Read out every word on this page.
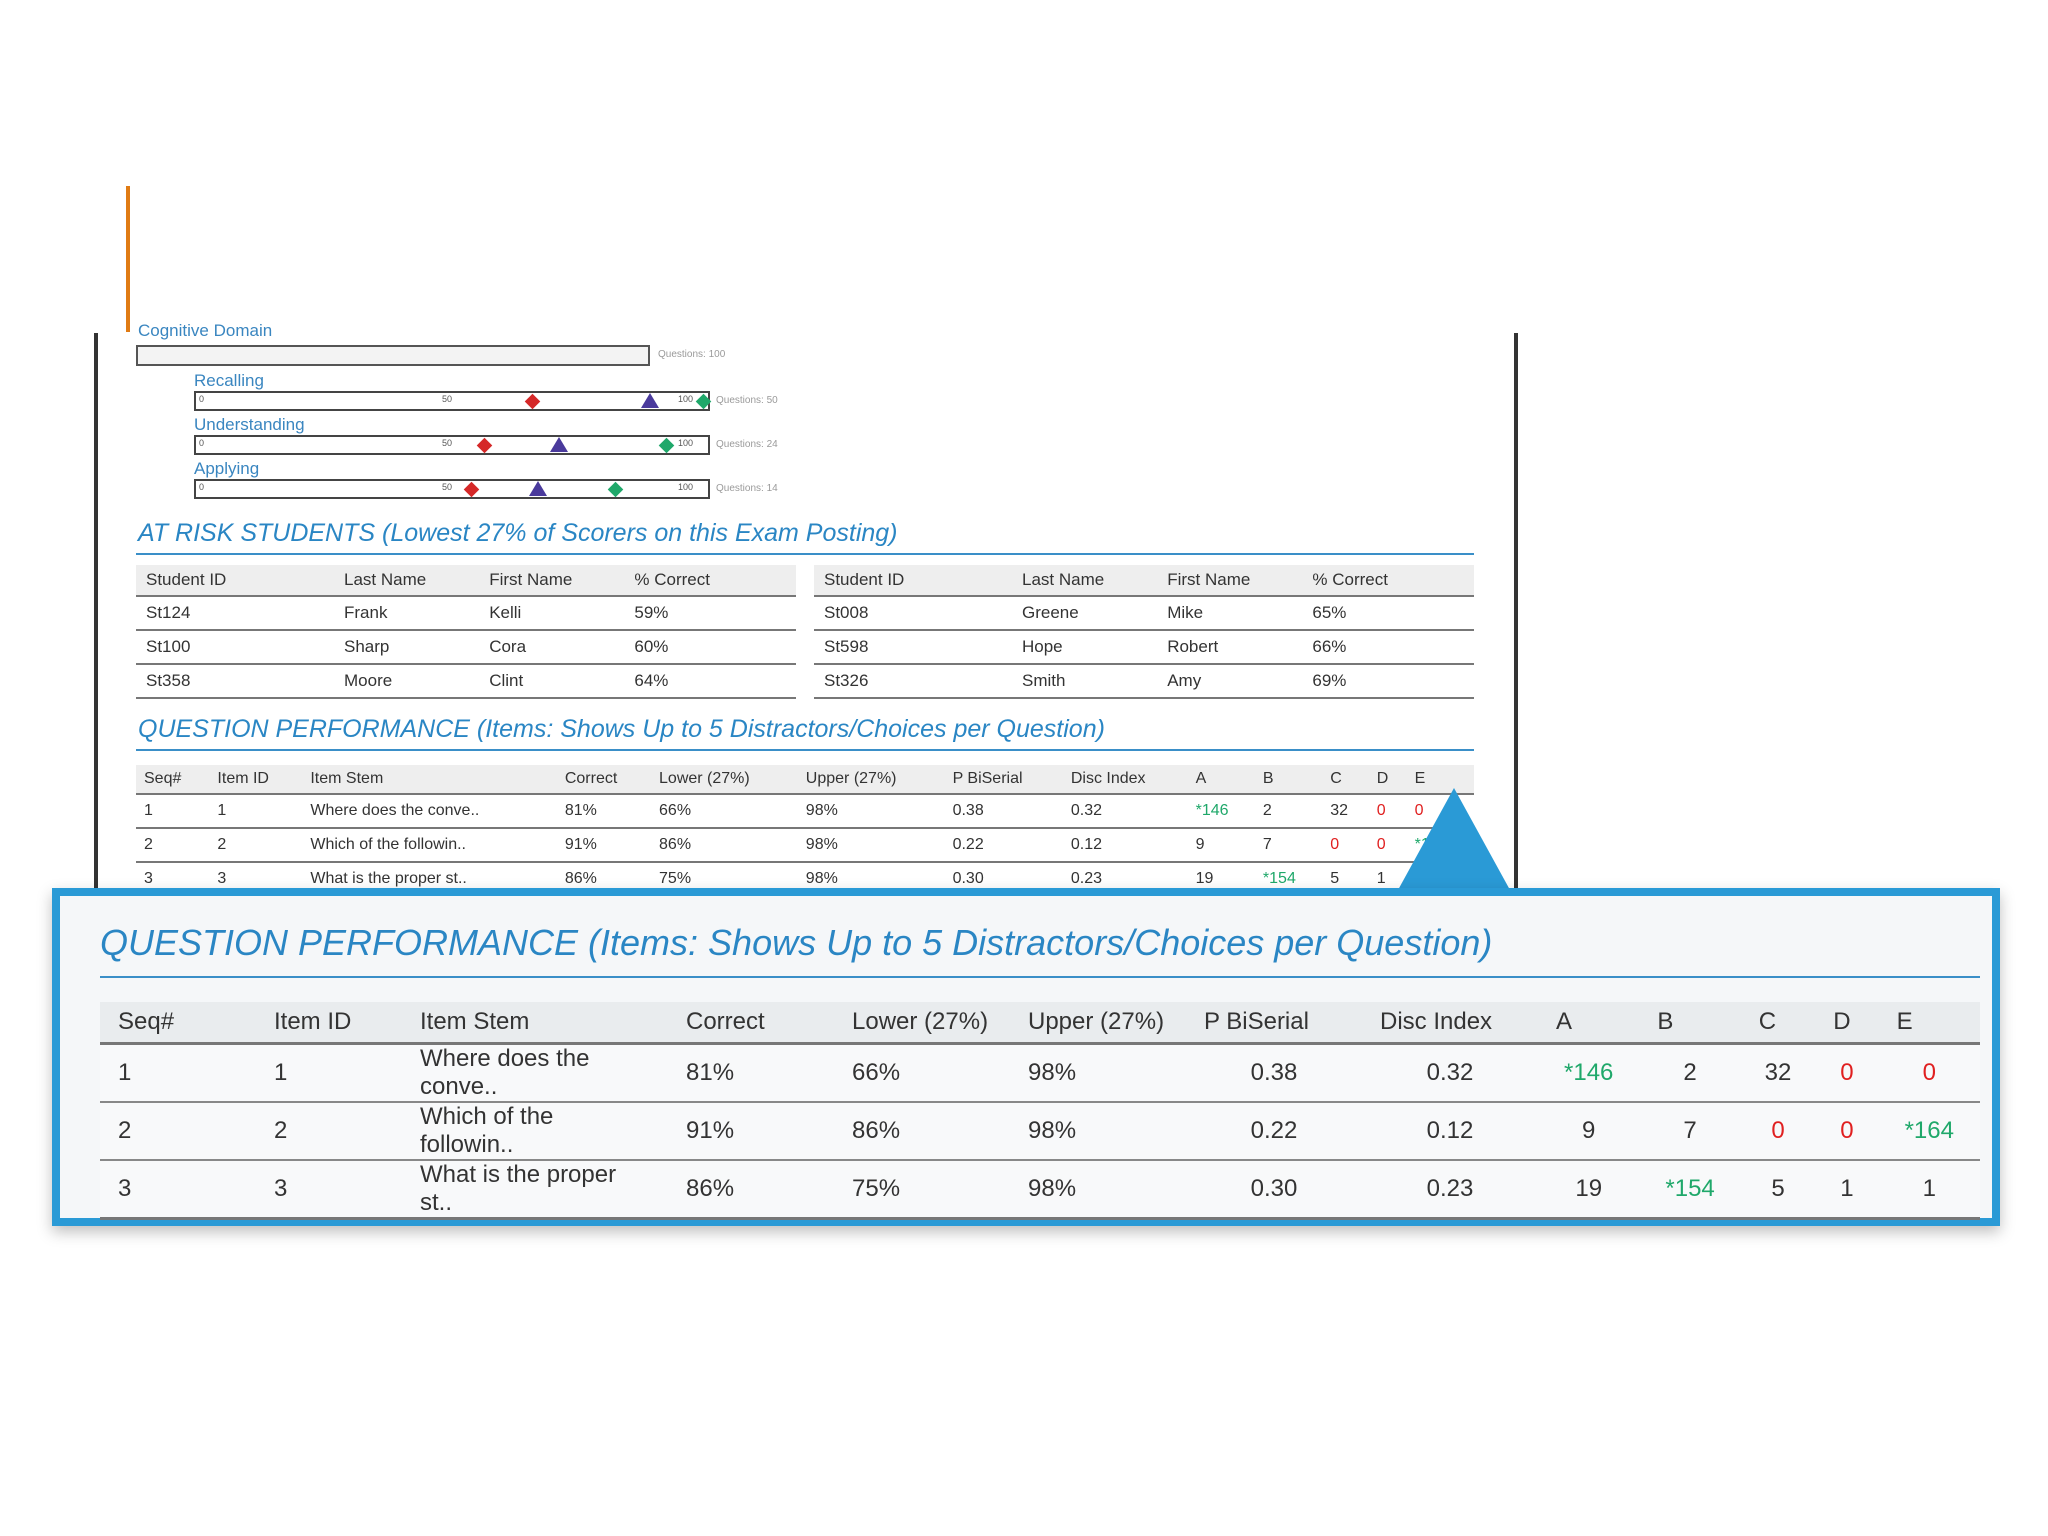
Cognitive Domain
Questions: 100
Recalling
0	50	100 Questions: 50
Understanding
0	50	100 Questions: 24
Applying
0	50	100 Questions: 14
AT RISK STUDENTS (Lowest 27% of Scorers on this Exam Posting)
Student ID	Last Name	First Name	% Correct
St124	Frank	Kelli	59%
St100	Sharp	Cora	60%
St358	Moore	Clint	64%
Student ID	Last Name	First Name	% Correct
St008	Greene	Mike	65%
St598	Hope	Robert	66%
St326	Smith	Amy	69%
QUESTION PERFORMANCE (Items: Shows Up to 5 Distractors/Choices per Question)
Seq#	Item ID	Item Stem	Correct	Lower (27%)	Upper (27%)	P BiSerial	Disc Index	A	B	C	D	E
1	1	Where does the conve..	81%	66%	98%	0.38	0.32	*146	2	32	0	0
2	2	Which of the followin..	91%	86%	98%	0.22	0.12	9	7	0	0	*164
3	3	What is the proper st..	86%	75%	98%	0.30	0.23	19	*154	5	1	1
QUESTION PERFORMANCE (Items: Shows Up to 5 Distractors/Choices per Question)
Seq#	Item ID	Item Stem	Correct	Lower (27%)	Upper (27%)	P BiSerial	Disc Index	A	B	C	D	E
1	1	Where does the conve..	81%	66%	98%	0.38	0.32	*146	2	32	0	0
2	2	Which of the followin..	91%	86%	98%	0.22	0.12	9	7	0	0	*164
3	3	What is the proper st..	86%	75%	98%	0.30	0.23	19	*154	5	1	1
